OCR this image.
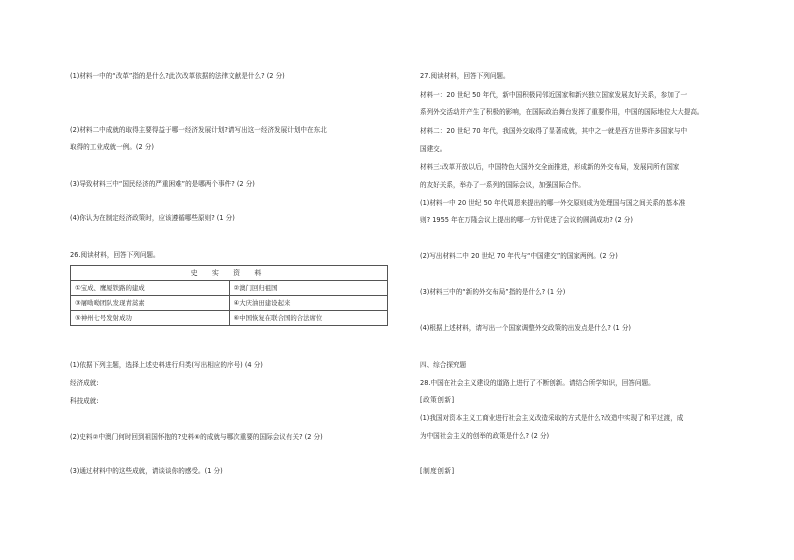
(1)材料一中的“改革”指的是什么?此次改革依据的法律文献是什么? (2 分)
(2)材料二中成就的取得主要得益于哪一经济发展计划?请写出这一经济发展计划中在东北
取得的工业成就一例。(2 分)
(3)导致材料三中“国民经济的严重困难”的是哪两个事件? (2 分)
(4)你认为在制定经济政策时，应该遵循哪些原则? (1 分)
26.阅读材料，回答下列问题。
史 实 资 料	
①宝成、鹰厦铁路的建成	②澳门回归祖国
③屠呦呦团队发现青蒿素	④大庆油田建设起来
⑤神州七号发射成功	⑥中国恢复在联合国的合法席位
(1)依据下列主题，选择上述史料进行归类(写出相应的序号) (4 分)
经济成就:
科技成就:
(2)史料②中澳门何时回到祖国怀抱的?史料⑥的成就与哪次重要的国际会议有关? (2 分)
(3)通过材料中的这些成就，请谈谈你的感受。(1 分)
27.阅读材料，回答下列问题。
材料一：20 世纪 50 年代，新中国积极同邻近国家和新兴独立国家发展友好关系，参加了一
系列外交活动并产生了积极的影响，在国际政治舞台发挥了重要作用，中国的国际地位大大提高。
材料二：20 世纪 70 年代，我国外交取得了显著成就，其中之一就是西方世界许多国家与中
国建交。
材料三:改革开放以后，中国特色大国外交全面推进，形成新的外交布局，发展同所有国家
的友好关系，举办了一系列的国际会议，加强国际合作。
(1)材料一中 20 世纪 50 年代周恩来提出的哪一外交原则成为处理国与国之间关系的基本准
则? 1955 年在万隆会议上提出的哪一方针促进了会议的圆满成功? (2 分)
(2)写出材料二中 20 世纪 70 年代与“中国建交”的国家两例。(2 分)
(3)材料三中的“新的外交布局”指的是什么? (1 分)
(4)根据上述材料，请写出一个国家调整外交政策的出发点是什么? (1 分)
四、综合探究题
28.中国在社会主义建设的道路上进行了不断创新。请结合所学知识，回答问题。
[政策创新]
(1)我国对资本主义工商业进行社会主义改造采取的方式是什么?改造中实现了和平过渡，成
为中国社会主义的创举的政策是什么? (2 分)
[制度创新]
